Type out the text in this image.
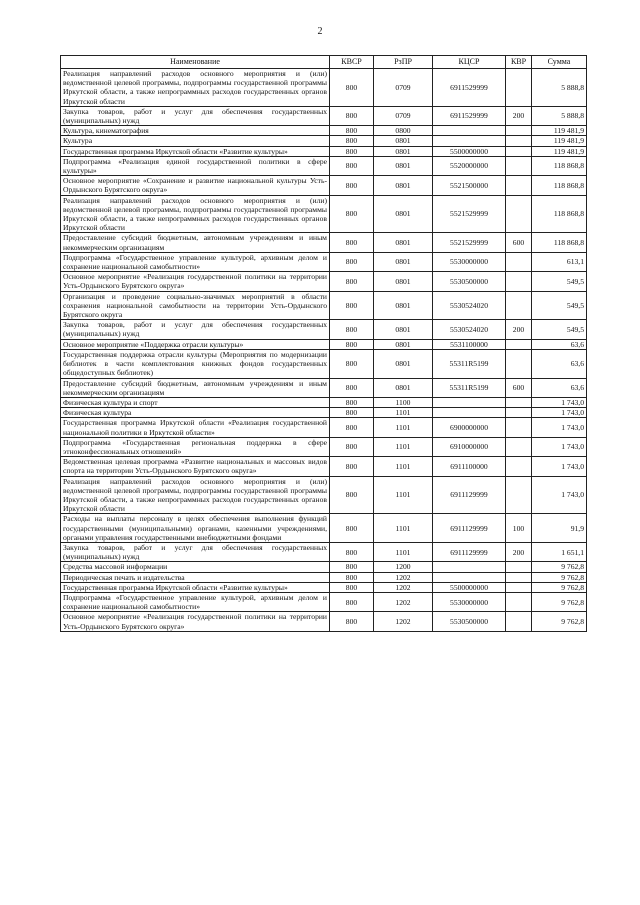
2
Наименование	КВСР	РзПР	КЦСР	КВР	Сумма
Реализация направлений расходов основного мероприятия и (или) ведомственной целевой программы, подпрограммы государственной программы Иркутской области, а также непрограммных расходов государственных органов Иркутской области	800	0709	6911529999		5 888,8
Закупка товаров, работ и услуг для обеспечения государственных (муниципальных) нужд	800	0709	6911529999	200	5 888,8
Культура, кинематография	800	0800			119 481,9
Культура	800	0801			119 481,9
Государственная программа Иркутской области «Развитие культуры»	800	0801	5500000000		119 481,9
Подпрограмма «Реализация единой государственной политики в сфере культуры»	800	0801	5520000000		118 868,8
Основное мероприятие «Сохранение и развитие национальной культуры Усть-Ордынского Бурятского округа»	800	0801	5521500000		118 868,8
Реализация направлений расходов основного мероприятия и (или) ведомственной целевой программы, подпрограммы государственной программы Иркутской области, а также непрограммных расходов государственных органов Иркутской области	800	0801	5521529999		118 868,8
Предоставление субсидий бюджетным, автономным учреждениям и иным некоммерческим организациям	800	0801	5521529999	600	118 868,8
Подпрограмма «Государственное управление культурой, архивным делом и сохранение национальной самобытности»	800	0801	5530000000		613,1
Основное мероприятие «Реализация государственной политики на территории Усть-Ордынского Бурятского округа»	800	0801	5530500000		549,5
Организация и проведение социально-значимых мероприятий в области сохранения национальной самобытности на территории Усть-Ордынского Бурятского округа	800	0801	5530524020		549,5
Закупка товаров, работ и услуг для обеспечения государственных (муниципальных) нужд	800	0801	5530524020	200	549,5
Основное мероприятие «Поддержка отрасли культуры»	800	0801	5531100000		63,6
Государственная поддержка отрасли культуры (Мероприятия по модернизации библиотек в части комплектования книжных фондов государственных общедоступных библиотек)	800	0801	55311R5199		63,6
Предоставление субсидий бюджетным, автономным учреждениям и иным некоммерческим организациям	800	0801	55311R5199	600	63,6
Физическая культура и спорт	800	1100			1 743,0
Физическая культура	800	1101			1 743,0
Государственная программа Иркутской области «Реализация государственной национальной политики в Иркутской области»	800	1101	6900000000		1 743,0
Подпрограмма «Государственная региональная поддержка в сфере этноконфессиональных отношений»	800	1101	6910000000		1 743,0
Ведомственная целевая программа «Развитие национальных и массовых видов спорта на территории Усть-Ордынского Бурятского округа»	800	1101	6911100000		1 743,0
Реализация направлений расходов основного мероприятия и (или) ведомственной целевой программы, подпрограммы государственной программы Иркутской области, а также непрограммных расходов государственных органов Иркутской области	800	1101	6911129999		1 743,0
Расходы на выплаты персоналу в целях обеспечения выполнения функций государственными (муниципальными) органами, казенными учреждениями, органами управления государственными внебюджетными фондами	800	1101	6911129999	100	91,9
Закупка товаров, работ и услуг для обеспечения государственных (муниципальных) нужд	800	1101	6911129999	200	1 651,1
Средства массовой информации	800	1200			9 762,8
Периодическая печать и издательства	800	1202			9 762,8
Государственная программа Иркутской области «Развитие культуры»	800	1202	5500000000		9 762,8
Подпрограмма «Государственное управление культурой, архивным делом и сохранение национальной самобытности»	800	1202	5530000000		9 762,8
Основное мероприятие «Реализация государственной политики на территории Усть-Ордынского Бурятского округа»	800	1202	5530500000		9 762,8
